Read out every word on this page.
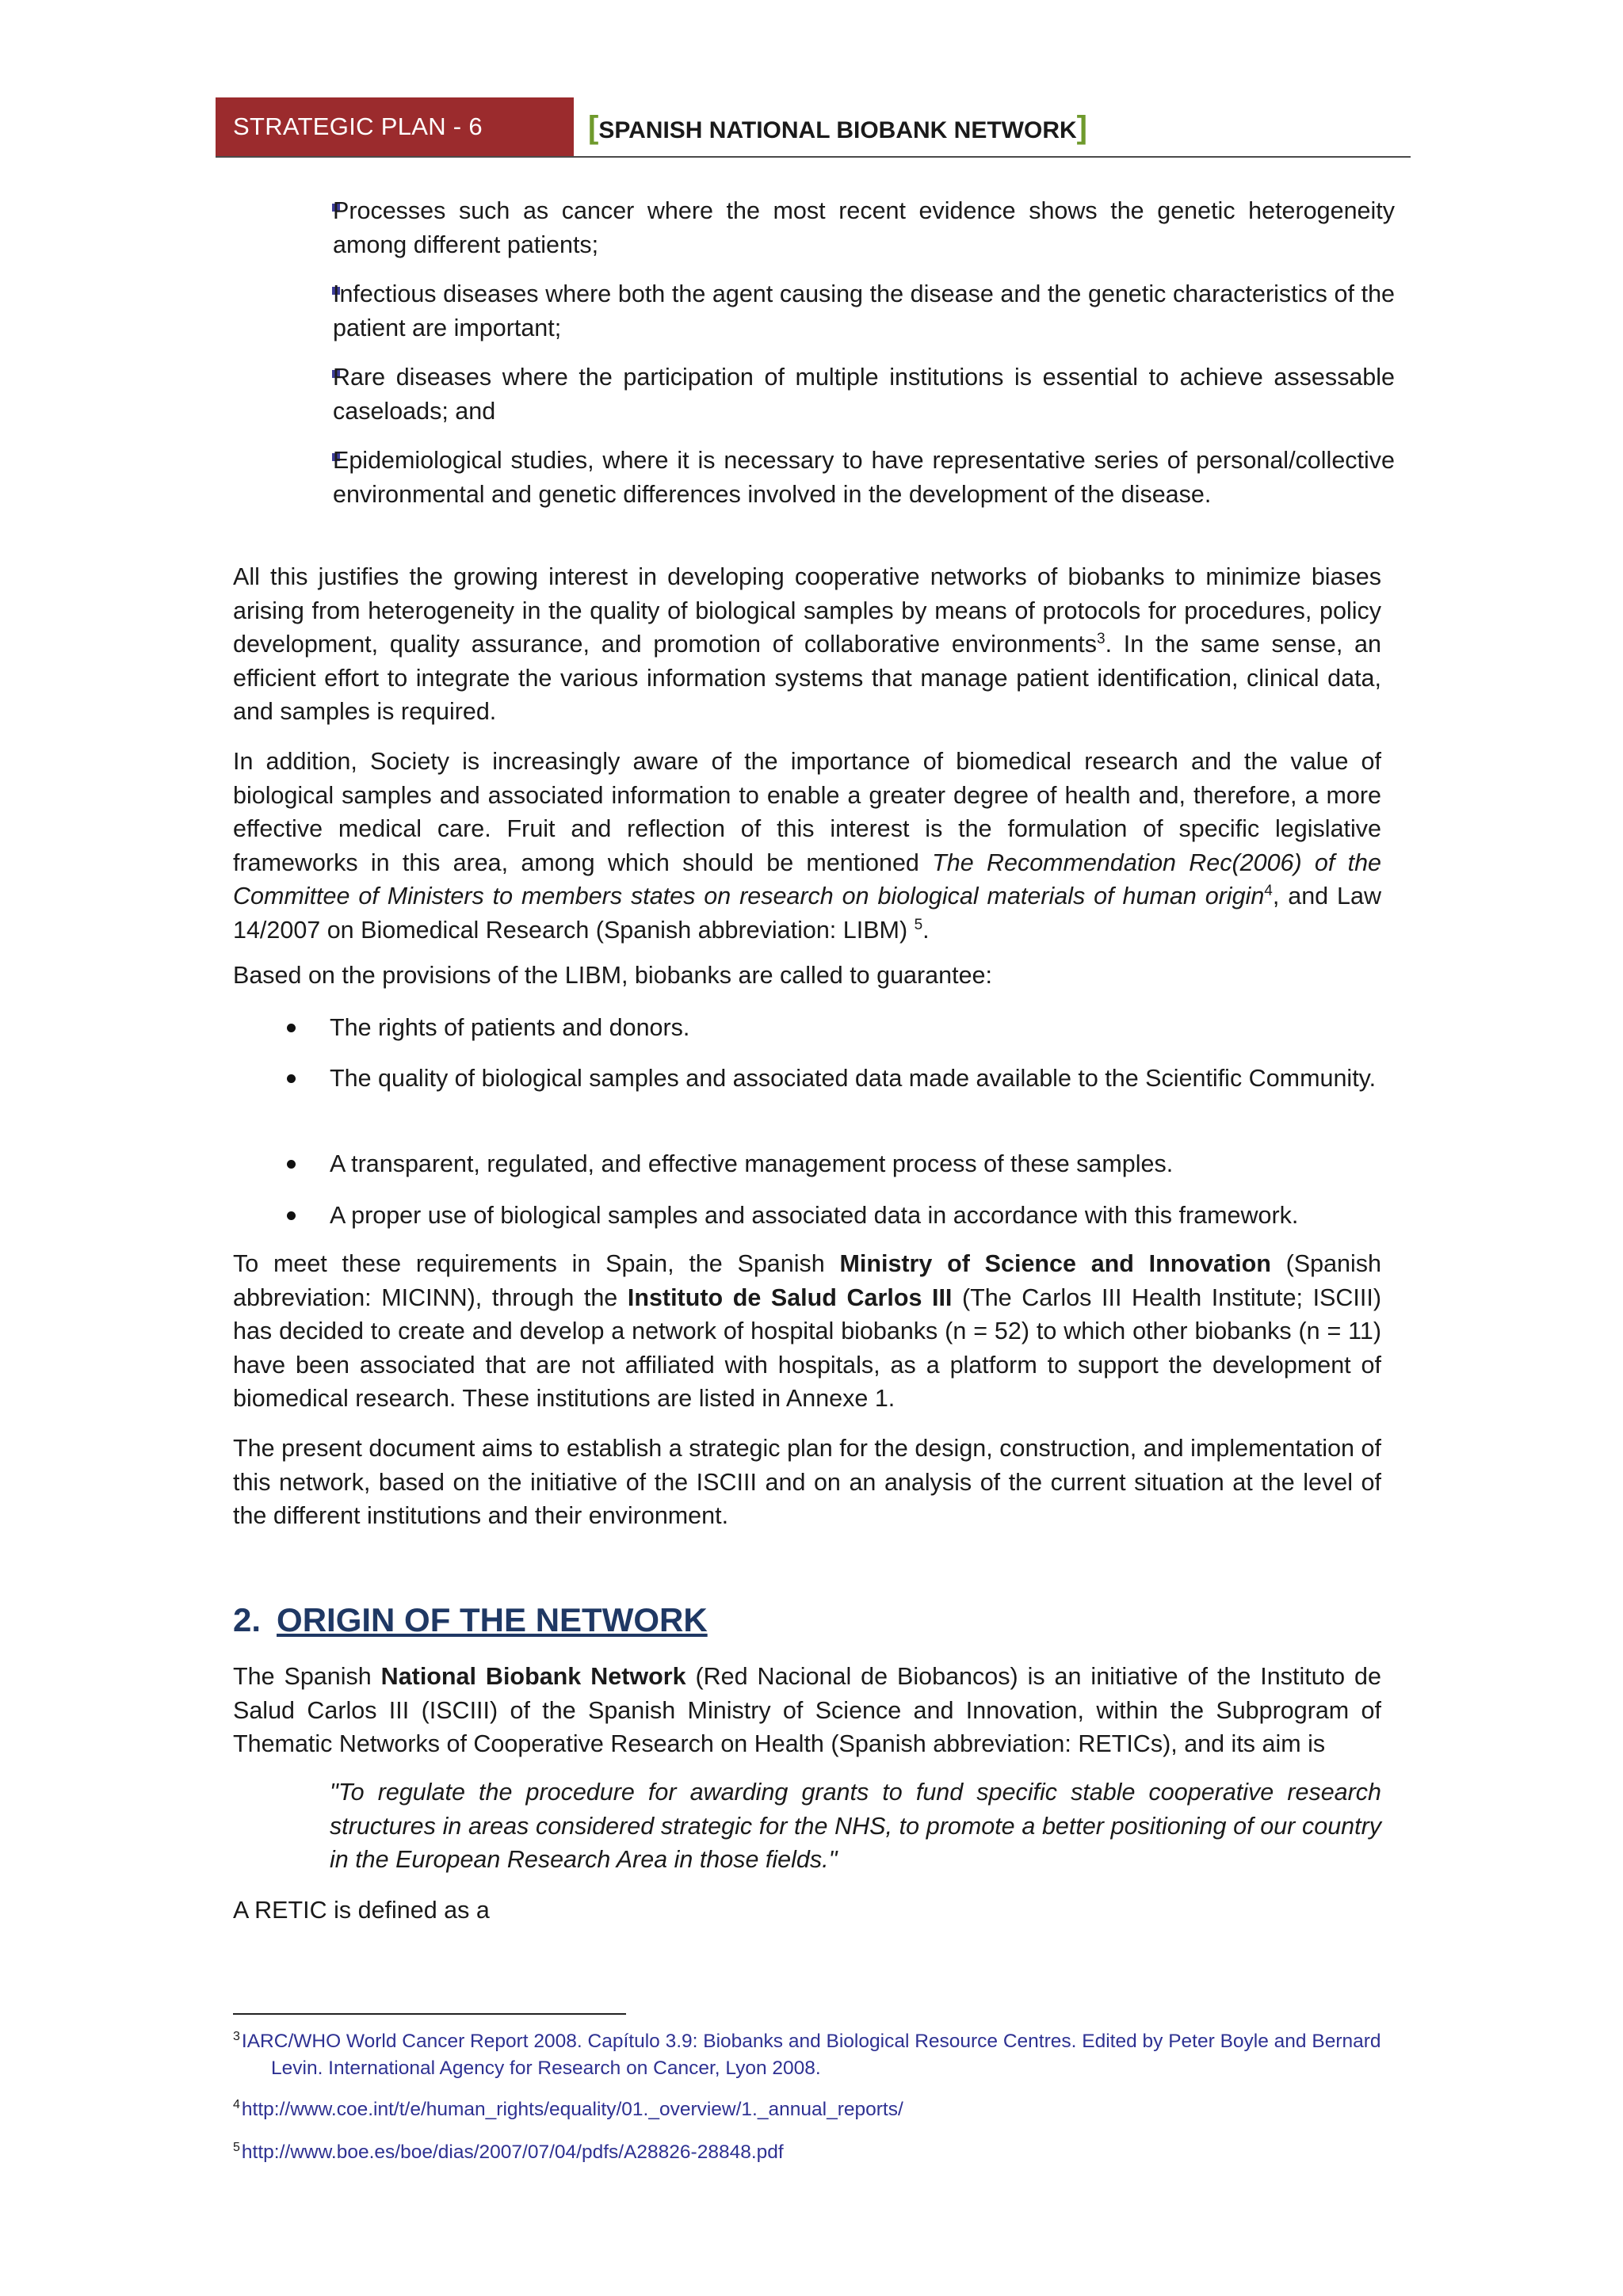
STRATEGIC PLAN - 6	[SPANISH NATIONAL BIOBANK NETWORK]
Processes such as cancer where the most recent evidence shows the genetic heterogeneity among different patients;
Infectious diseases where both the agent causing the disease and the genetic characteristics of the patient are important;
Rare diseases where the participation of multiple institutions is essential to achieve assessable caseloads; and
Epidemiological studies, where it is necessary to have representative series of personal/collective environmental and genetic differences involved in the development of the disease.
All this justifies the growing interest in developing cooperative networks of biobanks to minimize biases arising from heterogeneity in the quality of biological samples by means of protocols for procedures, policy development, quality assurance, and promotion of collaborative environments$^3$. In the same sense, an efficient effort to integrate the various information systems that manage patient identification, clinical data, and samples is required.
In addition, Society is increasingly aware of the importance of biomedical research and the value of biological samples and associated information to enable a greater degree of health and, therefore, a more effective medical care. Fruit and reflection of this interest is the formulation of specific legislative frameworks in this area, among which should be mentioned The Recommendation Rec(2006) of the Committee of Ministers to members states on research on biological materials of human origin$^4$, and Law 14/2007 on Biomedical Research (Spanish abbreviation: LIBM) $^5$.
Based on the provisions of the LIBM, biobanks are called to guarantee:
The rights of patients and donors.
The quality of biological samples and associated data made available to the Scientific Community.
A transparent, regulated, and effective management process of these samples.
A proper use of biological samples and associated data in accordance with this framework.
To meet these requirements in Spain, the Spanish Ministry of Science and Innovation (Spanish abbreviation: MICINN), through the Instituto de Salud Carlos III (The Carlos III Health Institute; ISCIII) has decided to create and develop a network of hospital biobanks (n = 52) to which other biobanks (n = 11) have been associated that are not affiliated with hospitals, as a platform to support the development of biomedical research. These institutions are listed in Annexe 1.
The present document aims to establish a strategic plan for the design, construction, and implementation of this network, based on the initiative of the ISCIII and on an analysis of the current situation at the level of the different institutions and their environment.
2. ORIGIN OF THE NETWORK
The Spanish National Biobank Network (Red Nacional de Biobancos) is an initiative of the Instituto de Salud Carlos III (ISCIII) of the Spanish Ministry of Science and Innovation, within the Subprogram of Thematic Networks of Cooperative Research on Health (Spanish abbreviation: RETICs), and its aim is
"To regulate the procedure for awarding grants to fund specific stable cooperative research structures in areas considered strategic for the NHS, to promote a better positioning of our country in the European Research Area in those fields."
A RETIC is defined as a
$^3$IARC/WHO World Cancer Report 2008. Capítulo 3.9: Biobanks and Biological Resource Centres. Edited by Peter Boyle and Bernard
Levin. International Agency for Research on Cancer, Lyon 2008.
$^4$http://www.coe.int/t/e/human_rights/equality/01._overview/1._annual_reports/
$^5$http://www.boe.es/boe/dias/2007/07/04/pdfs/A28826-28848.pdf
